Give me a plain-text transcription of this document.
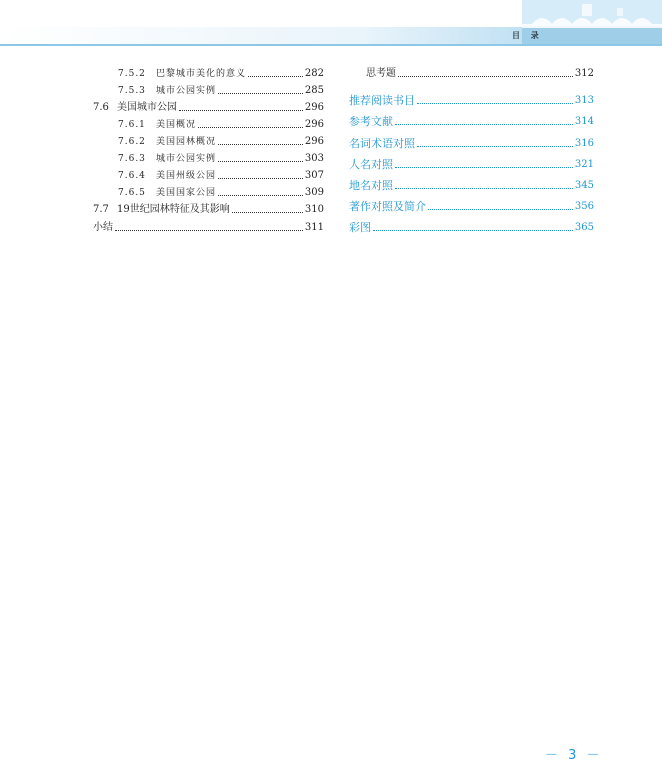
目 录
7.5.2	巴黎城市美化的意义	282
7.5.3	城市公园实例	285
7.6 美国城市公园	296
7.6.1	美国概况	296
7.6.2	美国园林概况	296
7.6.3	城市公园实例	303
7.6.4	美国州级公园	307
7.6.5	美国国家公园	309
7.7 19世纪园林特征及其影响	310
小结	311
思考题	312
推荐阅读书目	313
参考文献	314
名词术语对照	316
人名对照	321
地名对照	345
著作对照及简介	356
彩图	365
－ 3 －
